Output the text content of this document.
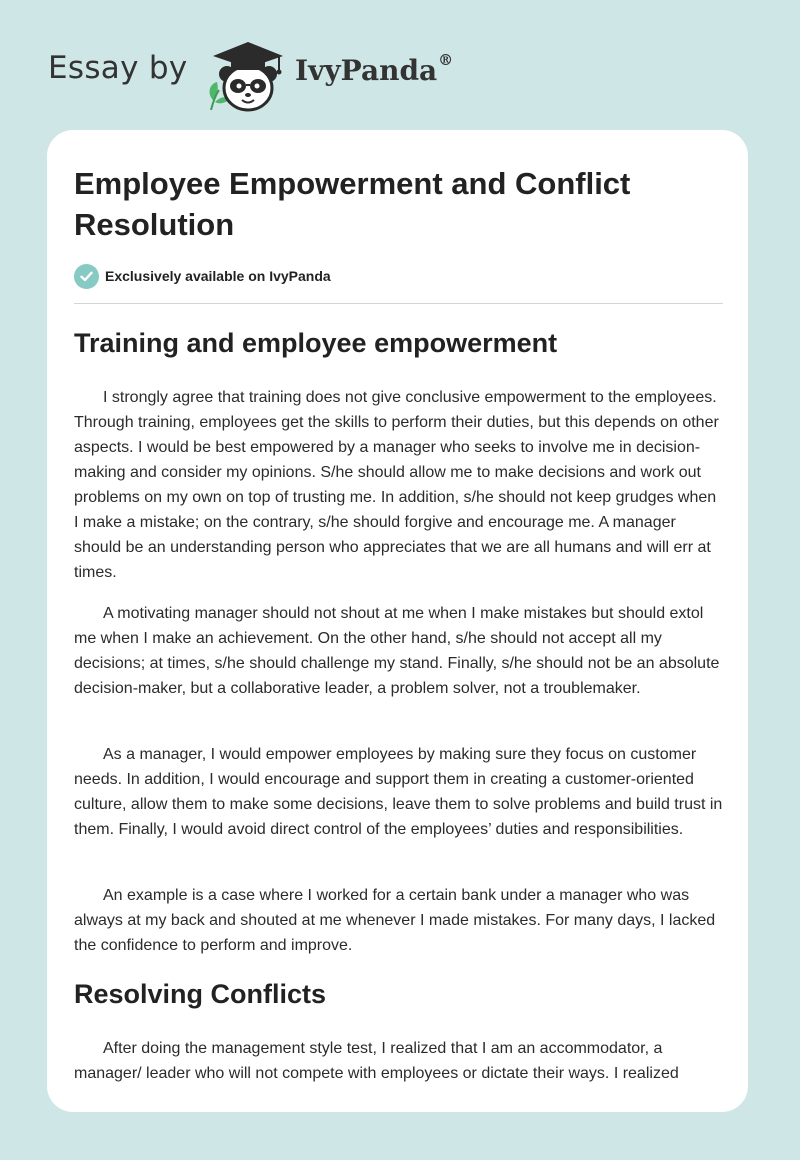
Essay by	IvyPanda®
Employee Empowerment and Conflict Resolution
Exclusively available on IvyPanda
Training and employee empowerment

I strongly agree that training does not give conclusive empowerment to the employees. Through training, employees get the skills to perform their duties, but this depends on other aspects. I would be best empowered by a manager who seeks to involve me in decision-making and consider my opinions. S/he should allow me to make decisions and work out problems on my own on top of trusting me. In addition, s/he should not keep grudges when I make a mistake; on the contrary, s/he should forgive and encourage me. A manager should be an understanding person who appreciates that we are all humans and will err at times.

A motivating manager should not shout at me when I make mistakes but should extol me when I make an achievement. On the other hand, s/he should not accept all my decisions; at times, s/he should challenge my stand. Finally, s/he should not be an absolute decision-maker, but a collaborative leader, a problem solver, not a troublemaker.

As a manager, I would empower employees by making sure they focus on customer needs. In addition, I would encourage and support them in creating a customer-oriented culture, allow them to make some decisions, leave them to solve problems and build trust in them. Finally, I would avoid direct control of the employees’ duties and responsibilities.

An example is a case where I worked for a certain bank under a manager who was always at my back and shouted at me whenever I made mistakes. For many days, I lacked the confidence to perform and improve.

Resolving Conflicts

After doing the management style test, I realized that I am an accommodator, a manager/ leader who will not compete with employees or dictate their ways. I realized
